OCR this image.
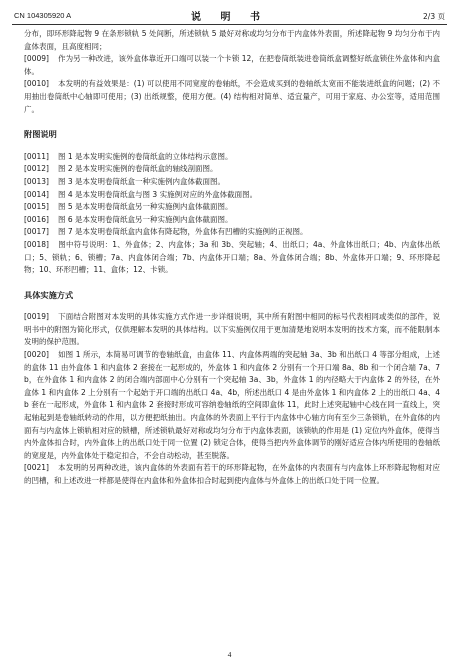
CN 104305920 A	说 明 书	2/3 页

分布，即环形降起物 9 在条形锁轨 5 处间断，所述锁轨 5 最好对称或均匀分布于内盒体外表面，所述降起物 9 均匀分布于内盒体表面，且高度相同；

[0009] 作为另一种改进，该外盒体靠近开口端可以装一个卡锁 12，在把卷筒纸装进卷筒纸盒调整好纸盒锁住外盒体和内盒体。

[0010] 本发明的有益效果是：(1) 可以使用不同宽度的卷轴纸，不会造成买到的卷轴纸太宽而不能装进纸盒的问题；(2) 不用抽出卷筒纸中心轴即可使用；(3) 出纸规整，使用方便。(4) 结构相对简单、适宜量产，可用于家庭、办公室等，适用范围广。

附图说明

[0011] 图 1 是本发明实施例的卷筒纸盒的立体结构示意图。

[0012] 图 2 是本发明实施例的卷筒纸盒的轴线剖面图。

[0013] 图 3 是本发明卷筒纸盒一种实施例内盒体截面图。

[0014] 图 4 是本发明卷筒纸盒与图 3 实施例对应的外盒体截面图。

[0015] 图 5 是本发明卷筒纸盒另一种实施例内盒体截面图。

[0016] 图 6 是本发明卷筒纸盒另一种实施例内盒体截面图。

[0017] 图 7 是本发明卷筒纸盒内盒体有降起物，外盒体有凹槽的实施例的正视图。

[0018] 图中符号说明：1、外盒体；2、内盒体；3a 和 3b、突起轴；4、出纸口；4a、外盒体出纸口；4b、内盒体出纸口；5、锁轨；6、锁槽；7a、内盒体闭合端；7b、内盒体开口端；8a、外盒体闭合端；8b、外盒体开口端；9、环形降起物；10、环形凹槽；11、盒体；12、卡锁。

具体实施方式

[0019] 下面结合附图对本发明的具体实施方式作进一步详细说明，其中所有附图中相同的标号代表相同或类似的部件，说明书中的附图为简化形式，仅供理解本发明的具体结构。以下实施例仅用于更加清楚地说明本发明的技术方案，而不能限制本发明的保护范围。

[0020] 如图 1 所示，本简易可调节的卷轴纸盒，由盒体 11、内盒体两端的突起轴 3a、3b 和出纸口 4 等部分组成，上述的盒体 11 由外盒体 1 和内盒体 2 套接在一起形成的，外盒体 1 和内盒体 2 分别有一个开口端 8a、8b 和一个闭合端 7a、7b，在外盒体 1 和内盒体 2 的闭合端内部面中心分别有一个突起轴 3a、3b，外盒体 1 的内径略大于内盒体 2 的外径，在外盒体 1 和内盒体 2 上分别有一个起始于开口端的出纸口 4a、4b，所述出纸口 4 是由外盒体 1 和内盒体 2 上的出纸口 4a、4b 套在一起形成，外盒体 1 和内盒体 2 套接时形成可容纳卷轴纸的空间即盒体 11，此时上述突起轴中心线在同一直线上，突起轴起到是卷轴纸转动的作用，以方便把纸抽出。内盒体的外表面上平行于内盒体中心轴方向有至少三条锁轨，在外盒体的内面有与内盒体上锁轨相对应的锁槽，所述锁轨最好对称或均匀分布于内盒体表面，该锁轨的作用是 (1) 定位内外盒体，使得当内外盒体扣合时，内外盒体上的出纸口处于同一位置 (2) 锁定合体，使得当把内外盒体调节的刚好适应合体内所使用的卷轴纸的宽度是，内外盒体处于稳定扣合，不会自动松动，甚至脱落。

[0021] 本发明的另两种改进，该内盒体的外表面有若干的环形降起物，在外盒体的内表面有与内盒体上环形降起物相对应的凹槽，和上述改进一样都是使得在内盒体和外盒体扣合时起到使内盒体与外盒体上的出纸口处于同一位置。

4
